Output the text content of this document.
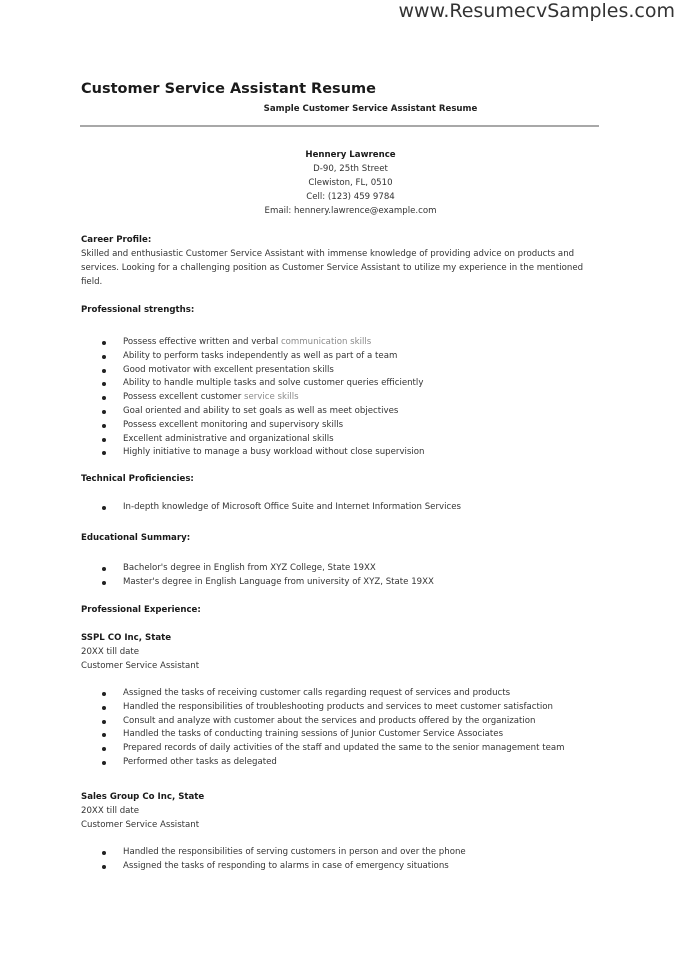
www.ResumecvSamples.com
Customer Service Assistant Resume
Sample Customer Service Assistant Resume
Hennery Lawrence
D-90, 25th Street
Clewiston, FL, 0510
Cell: (123) 459 9784
Email: hennery.lawrence@example.com
Career Profile:

Skilled and enthusiastic Customer Service Assistant with immense knowledge of providing advice on products and services. Looking for a challenging position as Customer Service Assistant to utilize my experience in the mentioned field.

Professional strengths:
Possess effective written and verbal communication skills
Ability to perform tasks independently as well as part of a team
Good motivator with excellent presentation skills
Ability to handle multiple tasks and solve customer queries efficiently
Possess excellent customer service skills
Goal oriented and ability to set goals as well as meet objectives
Possess excellent monitoring and supervisory skills
Excellent administrative and organizational skills
Highly initiative to manage a busy workload without close supervision
Technical Proficiencies:
In-depth knowledge of Microsoft Office Suite and Internet Information Services
Educational Summary:
Bachelor's degree in English from XYZ College, State 19XX
Master's degree in English Language from university of XYZ, State 19XX
Professional Experience:
SSPL CO Inc, State
20XX till date
Customer Service Assistant
Assigned the tasks of receiving customer calls regarding request of services and products
Handled the responsibilities of troubleshooting products and services to meet customer satisfaction
Consult and analyze with customer about the services and products offered by the organization
Handled the tasks of conducting training sessions of Junior Customer Service Associates
Prepared records of daily activities of the staff and updated the same to the senior management team
Performed other tasks as delegated
Sales Group Co Inc, State
20XX till date
Customer Service Assistant
Handled the responsibilities of serving customers in person and over the phone
Assigned the tasks of responding to alarms in case of emergency situations
